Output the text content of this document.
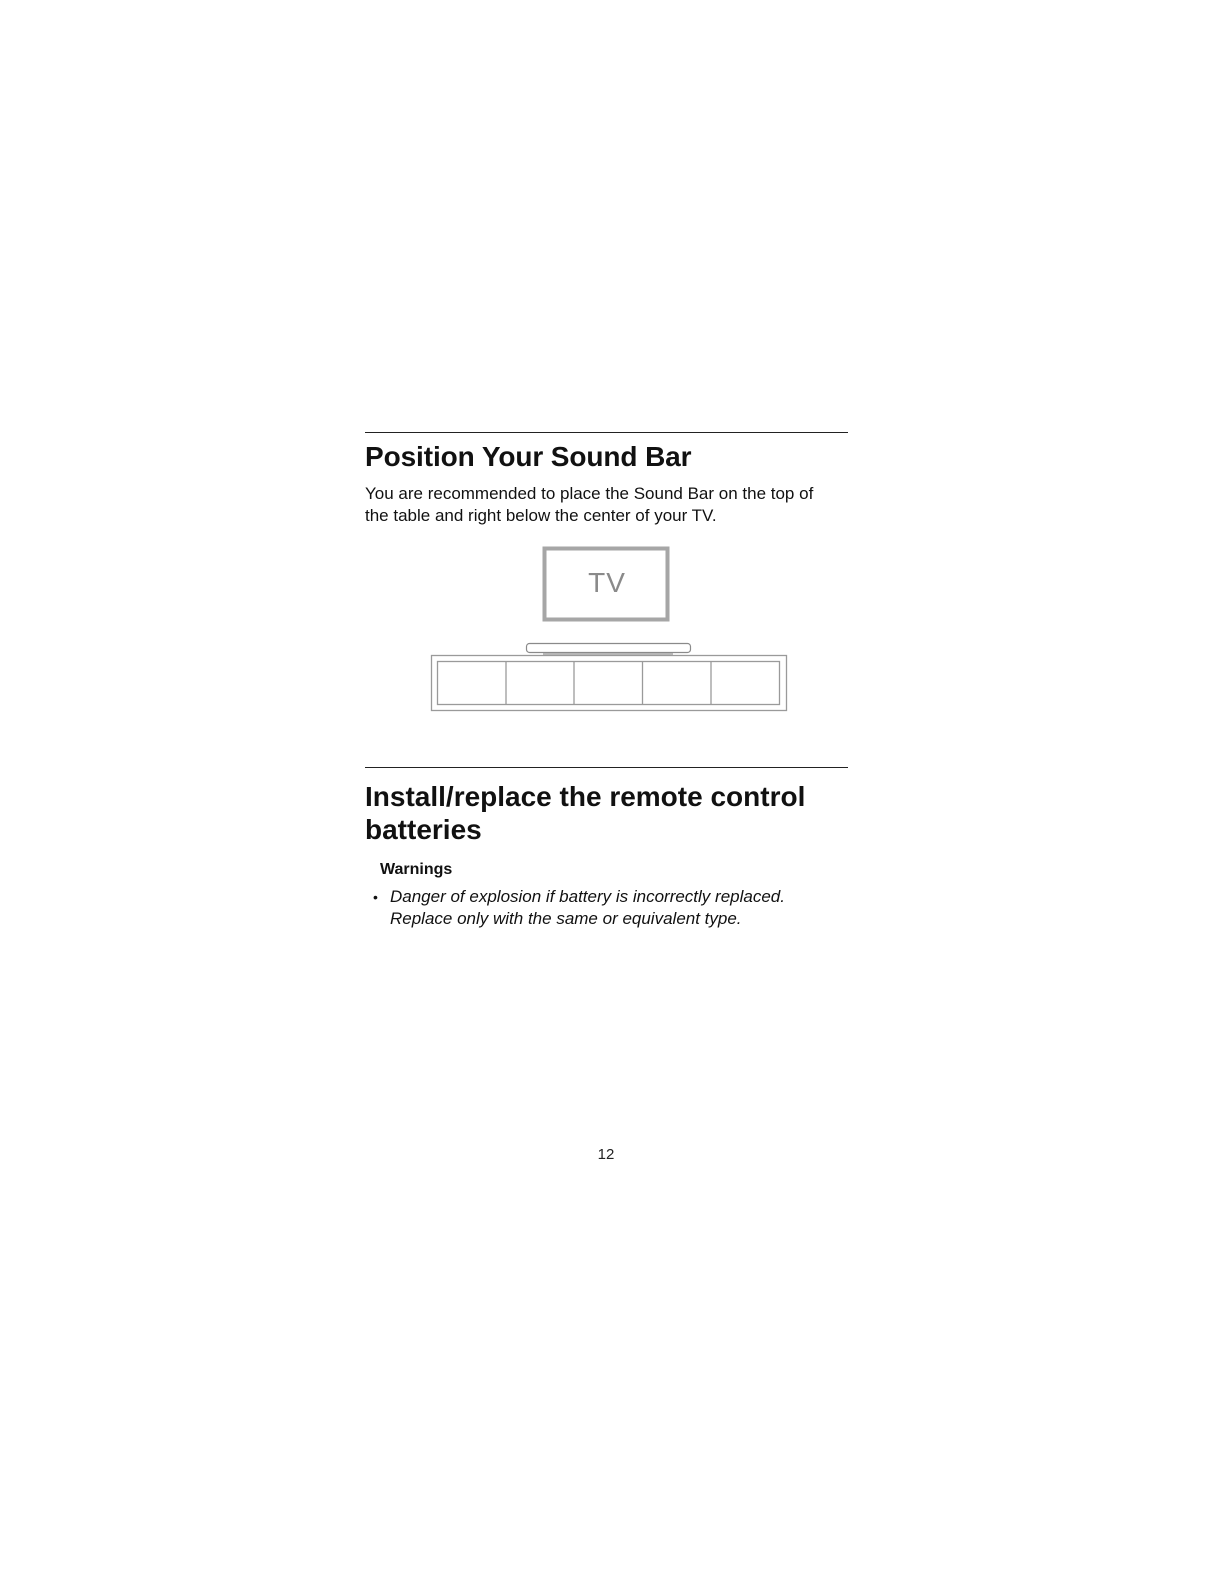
Position Your Sound Bar
You are recommended to place the Sound Bar on the top of
the table and right below the center of your TV.
TV
Install/replace the remote control
batteries
Warnings
• Danger of explosion if battery is incorrectly replaced.
Replace only with the same or equivalent type.
12
